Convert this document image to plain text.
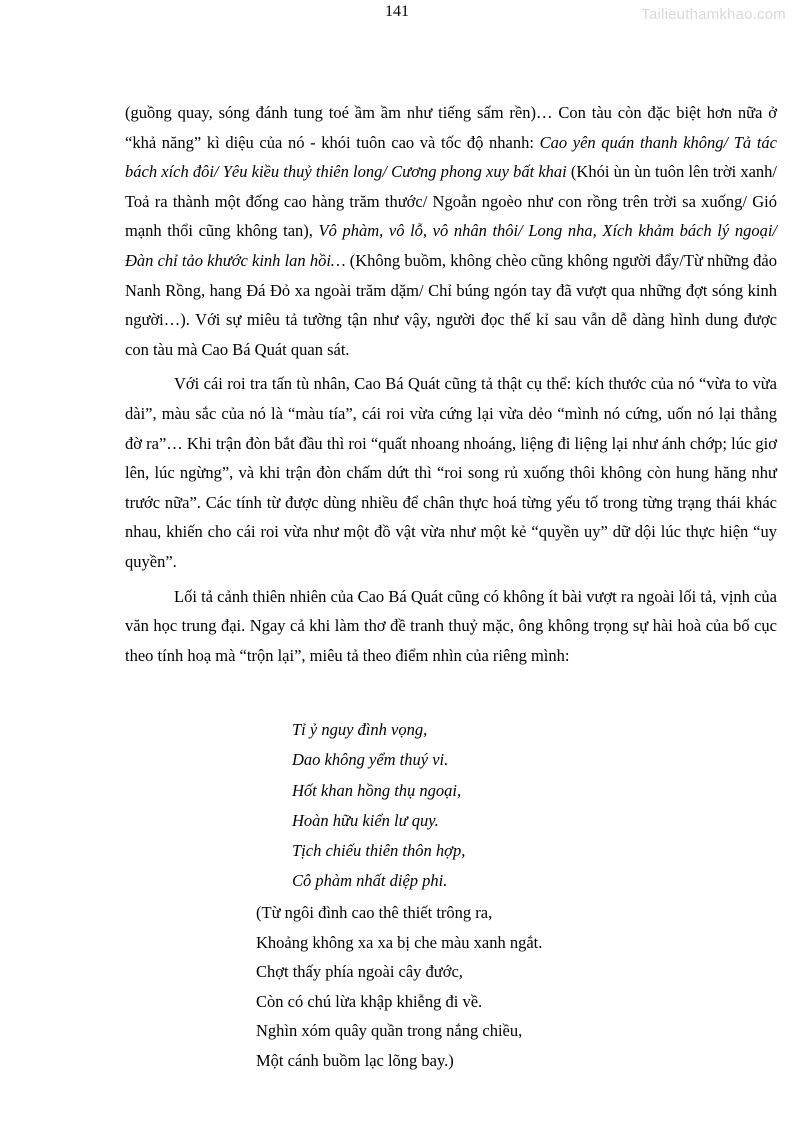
141	Tailieuthamkhao.com

(guồng quay, sóng đánh tung toé ầm ầm như tiếng sấm rền)… Con tàu còn đặc biệt hơn nữa ở “khả năng” kì diệu của nó - khói tuôn cao và tốc độ nhanh: Cao yên quán thanh không/ Tả tác bách xích đôi/ Yêu kiều thuỷ thiên long/ Cương phong xuy bất khai (Khói ùn ùn tuôn lên trời xanh/ Toả ra thành một đống cao hàng trăm thước/ Ngoằn ngoèo như con rồng trên trời sa xuống/ Gió mạnh thổi cũng không tan), Vô phàm, vô lỗ, vô nhân thôi/ Long nha, Xích khảm bách lý ngoại/ Đàn chỉ tảo khước kinh lan hồi… (Không buồm, không chèo cũng không người đẩy/Từ những đảo Nanh Rồng, hang Đá Đỏ xa ngoài trăm dặm/ Chỉ búng ngón tay đã vượt qua những đợt sóng kinh người…). Với sự miêu tả tường tận như vậy, người đọc thế kỉ sau vẫn dễ dàng hình dung được con tàu mà Cao Bá Quát quan sát.

Với cái roi tra tấn tù nhân, Cao Bá Quát cũng tả thật cụ thể: kích thước của nó “vừa to vừa dài”, màu sắc của nó là “màu tía”, cái roi vừa cứng lại vừa dẻo “mình nó cứng, uốn nó lại thẳng đờ ra”… Khi trận đòn bắt đầu thì roi “quất nhoang nhoáng, liệng đi liệng lại như ánh chớp; lúc giơ lên, lúc ngừng”, và khi trận đòn chấm dứt thì “roi song rủ xuống thôi không còn hung hăng như trước nữa”. Các tính từ được dùng nhiều để chân thực hoá từng yếu tố trong từng trạng thái khác nhau, khiến cho cái roi vừa như một đồ vật vừa như một kẻ “quyền uy” dữ dội lúc thực hiện “uy quyền”.

Lối tả cảnh thiên nhiên của Cao Bá Quát cũng có không ít bài vượt ra ngoài lối tả, vịnh của văn học trung đại. Ngay cả khi làm thơ đề tranh thuỷ mặc, ông không trọng sự hài hoà của bố cục theo tính hoạ mà “trộn lại”, miêu tả theo điểm nhìn của riêng mình:

Tỉ ỷ nguy đình vọng,
Dao không yểm thuý vi.
Hốt khan hồng thụ ngoại,
Hoàn hữu kiển lư quy.
Tịch chiếu thiên thôn hợp,
Cô phàm nhất diệp phi.
(Từ ngôi đình cao thê thiết trông ra,
Khoảng không xa xa bị che màu xanh ngắt.
Chợt thấy phía ngoài cây đước,
Còn có chú lừa khập khiễng đi về.
Nghìn xóm quây quần trong nắng chiều,
Một cánh buồm lạc lõng bay.)
